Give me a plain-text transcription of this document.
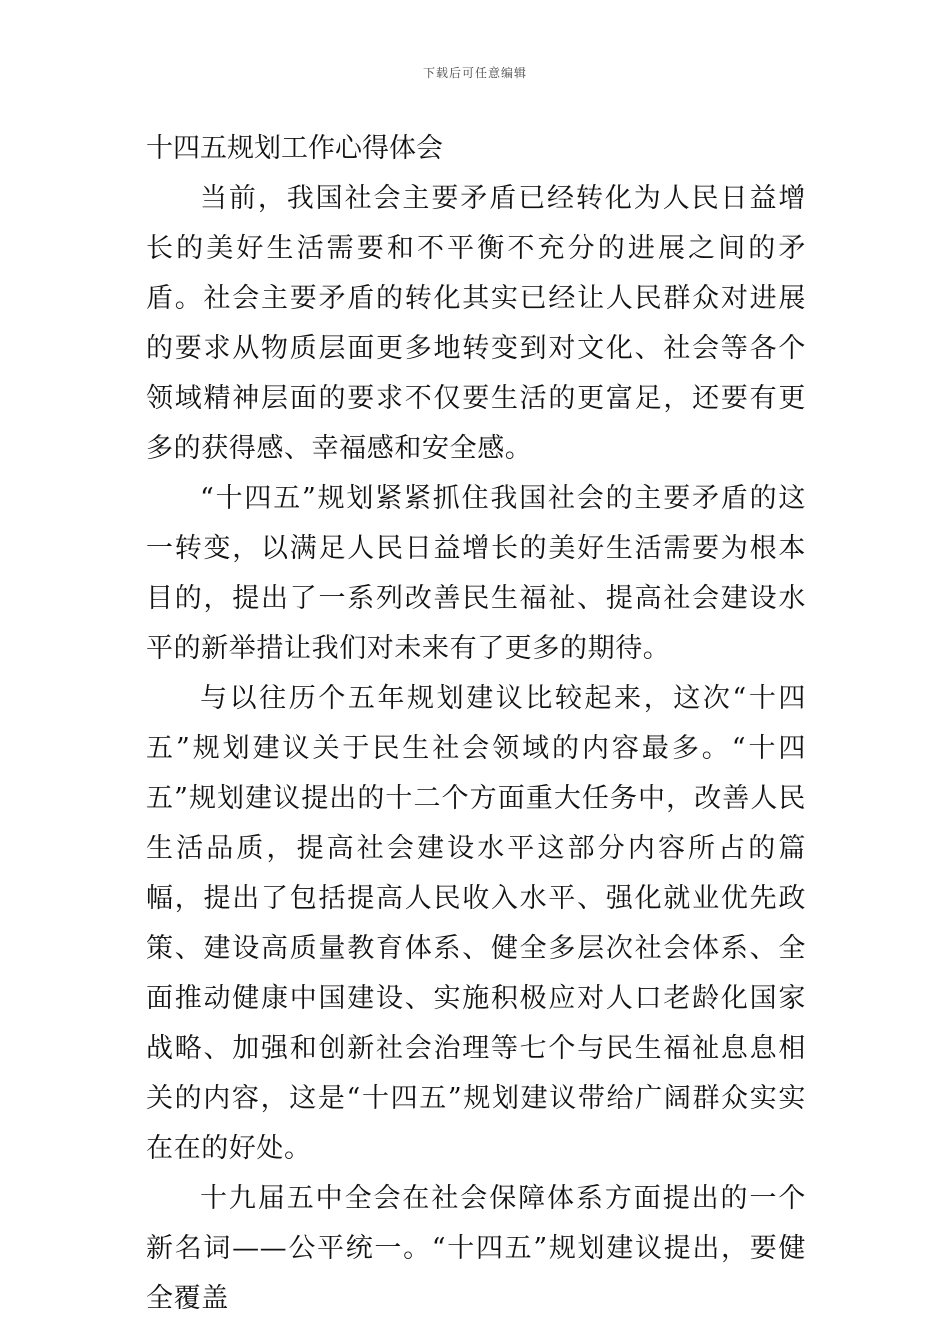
下载后可任意编辑
十四五规划工作心得体会

当前，我国社会主要矛盾已经转化为人民日益增长的美好生活需要和不平衡不充分的进展之间的矛盾。社会主要矛盾的转化其实已经让人民群众对进展的要求从物质层面更多地转变到对文化、社会等各个领域精神层面的要求不仅要生活的更富足，还要有更多的获得感、幸福感和安全感。

“十四五”规划紧紧抓住我国社会的主要矛盾的这一转变，以满足人民日益增长的美好生活需要为根本目的，提出了一系列改善民生福祉、提高社会建设水平的新举措让我们对未来有了更多的期待。

与以往历个五年规划建议比较起来，这次“十四五”规划建议关于民生社会领域的内容最多。“十四五”规划建议提出的十二个方面重大任务中，改善人民生活品质，提高社会建设水平这部分内容所占的篇幅，提出了包括提高人民收入水平、强化就业优先政策、建设高质量教育体系、健全多层次社会体系、全面推动健康中国建设、实施积极应对人口老龄化国家战略、加强和创新社会治理等七个与民生福祉息息相关的内容，这是“十四五”规划建议带给广阔群众实实在在的好处。

十九届五中全会在社会保障体系方面提出的一个新名词——公平统一。“十四五”规划建议提出，要健全覆盖
